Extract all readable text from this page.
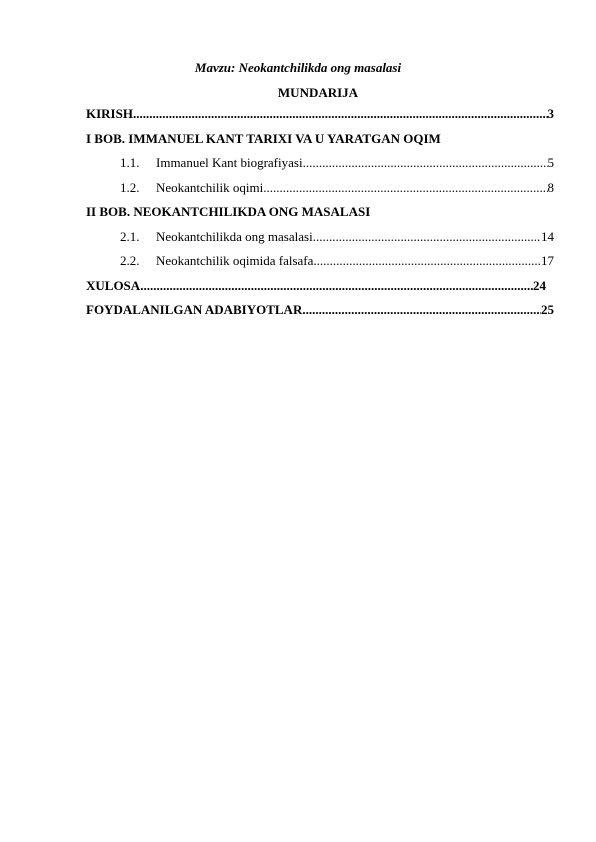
Mavzu: Neokantchilikda ong masalasi
MUNDARIJA
KIRISH .....	3
I BOB. IMMANUEL KANT TARIXI VA U YARATGAN OQIM
1.1.	Immanuel Kant biografiyasi .....	5
1.2.	Neokantchilik oqimi .....	8
II BOB. NEOKANTCHILIKDA ONG MASALASI
2.1.	Neokantchilikda ong masalasi .....	14
2.2.	Neokantchilik oqimida falsafa .....	17
XULOSA .....	24
FOYDALANILGAN ADABIYOTLAR .....	25
